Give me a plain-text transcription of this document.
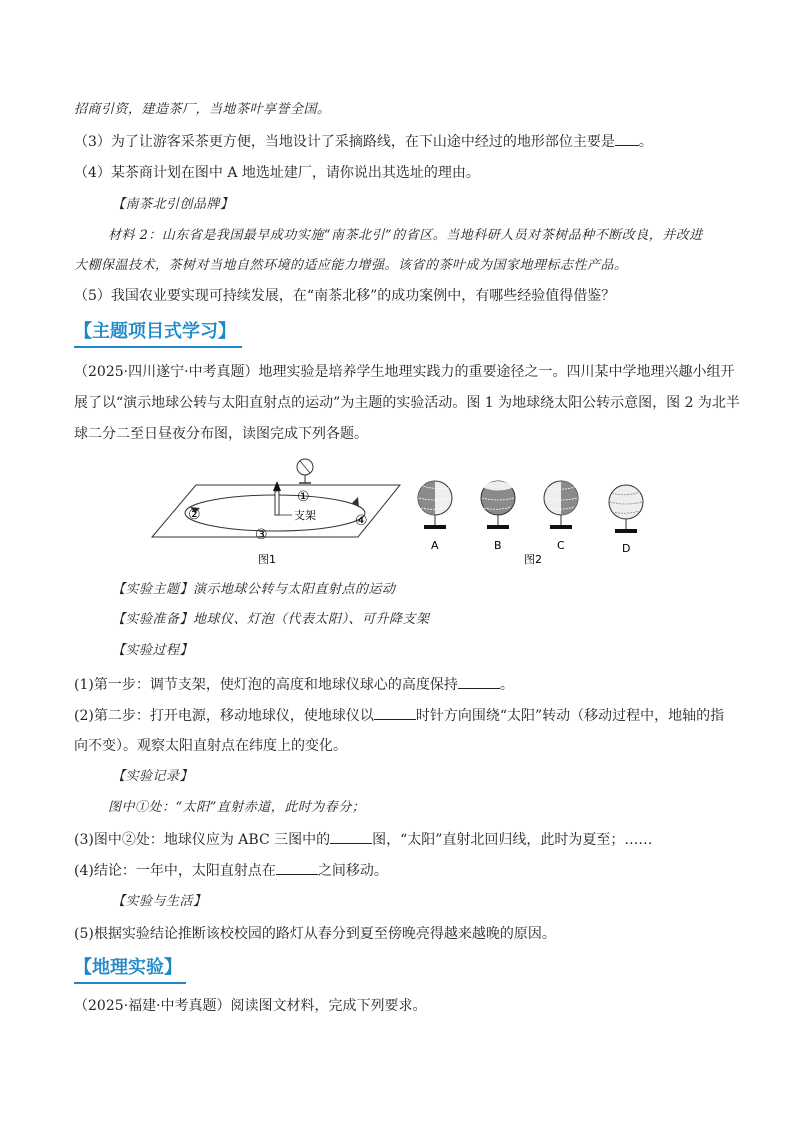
招商引资，建造茶厂，当地茶叶享誉全国。
（3）为了让游客采茶更方便，当地设计了采摘路线，在下山途中经过的地形部位主要是 。
（4）某茶商计划在图中 A 地选址建厂，请你说出其选址的理由。
【南茶北引创品牌】
材料 2：山东省是我国最早成功实施“南茶北引”的省区。当地科研人员对茶树品种不断改良，并改进
大棚保温技术，茶树对当地自然环境的适应能力增强。该省的茶叶成为国家地理标志性产品。
（5）我国农业要实现可持续发展，在“南茶北移”的成功案例中，有哪些经验值得借鉴？
【主题项目式学习】
（2025·四川遂宁·中考真题）地理实验是培养学生地理实践力的重要途径之一。四川某中学地理兴趣小组开
展了以“演示地球公转与太阳直射点的运动”为主题的实验活动。图 1 为地球绕太阳公转示意图，图 2 为北半
球二分二至日昼夜分布图，读图完成下列各题。
支架
①
②
③
④
图1
A	B	C	D
图2
【实验主题】演示地球公转与太阳直射点的运动
【实验准备】地球仪、灯泡（代表太阳）、可升降支架
【实验过程】
(1)第一步：调节支架，使灯泡的高度和地球仪球心的高度保持	。
(2)第二步：打开电源，移动地球仪，使地球仪以	时针方向围绕“太阳”转动（移动过程中，地轴的指
向不变）。观察太阳直射点在纬度上的变化。
【实验记录】
图中①处：“太阳”直射赤道，此时为春分；
(3)图中②处：地球仪应为 ABC 三图中的	图，“太阳”直射北回归线，此时为夏至；……
(4)结论：一年中，太阳直射点在	之间移动。
【实验与生活】
(5)根据实验结论推断该校校园的路灯从春分到夏至傍晚亮得越来越晚的原因。
【地理实验】
（2025·福建·中考真题）阅读图文材料，完成下列要求。
